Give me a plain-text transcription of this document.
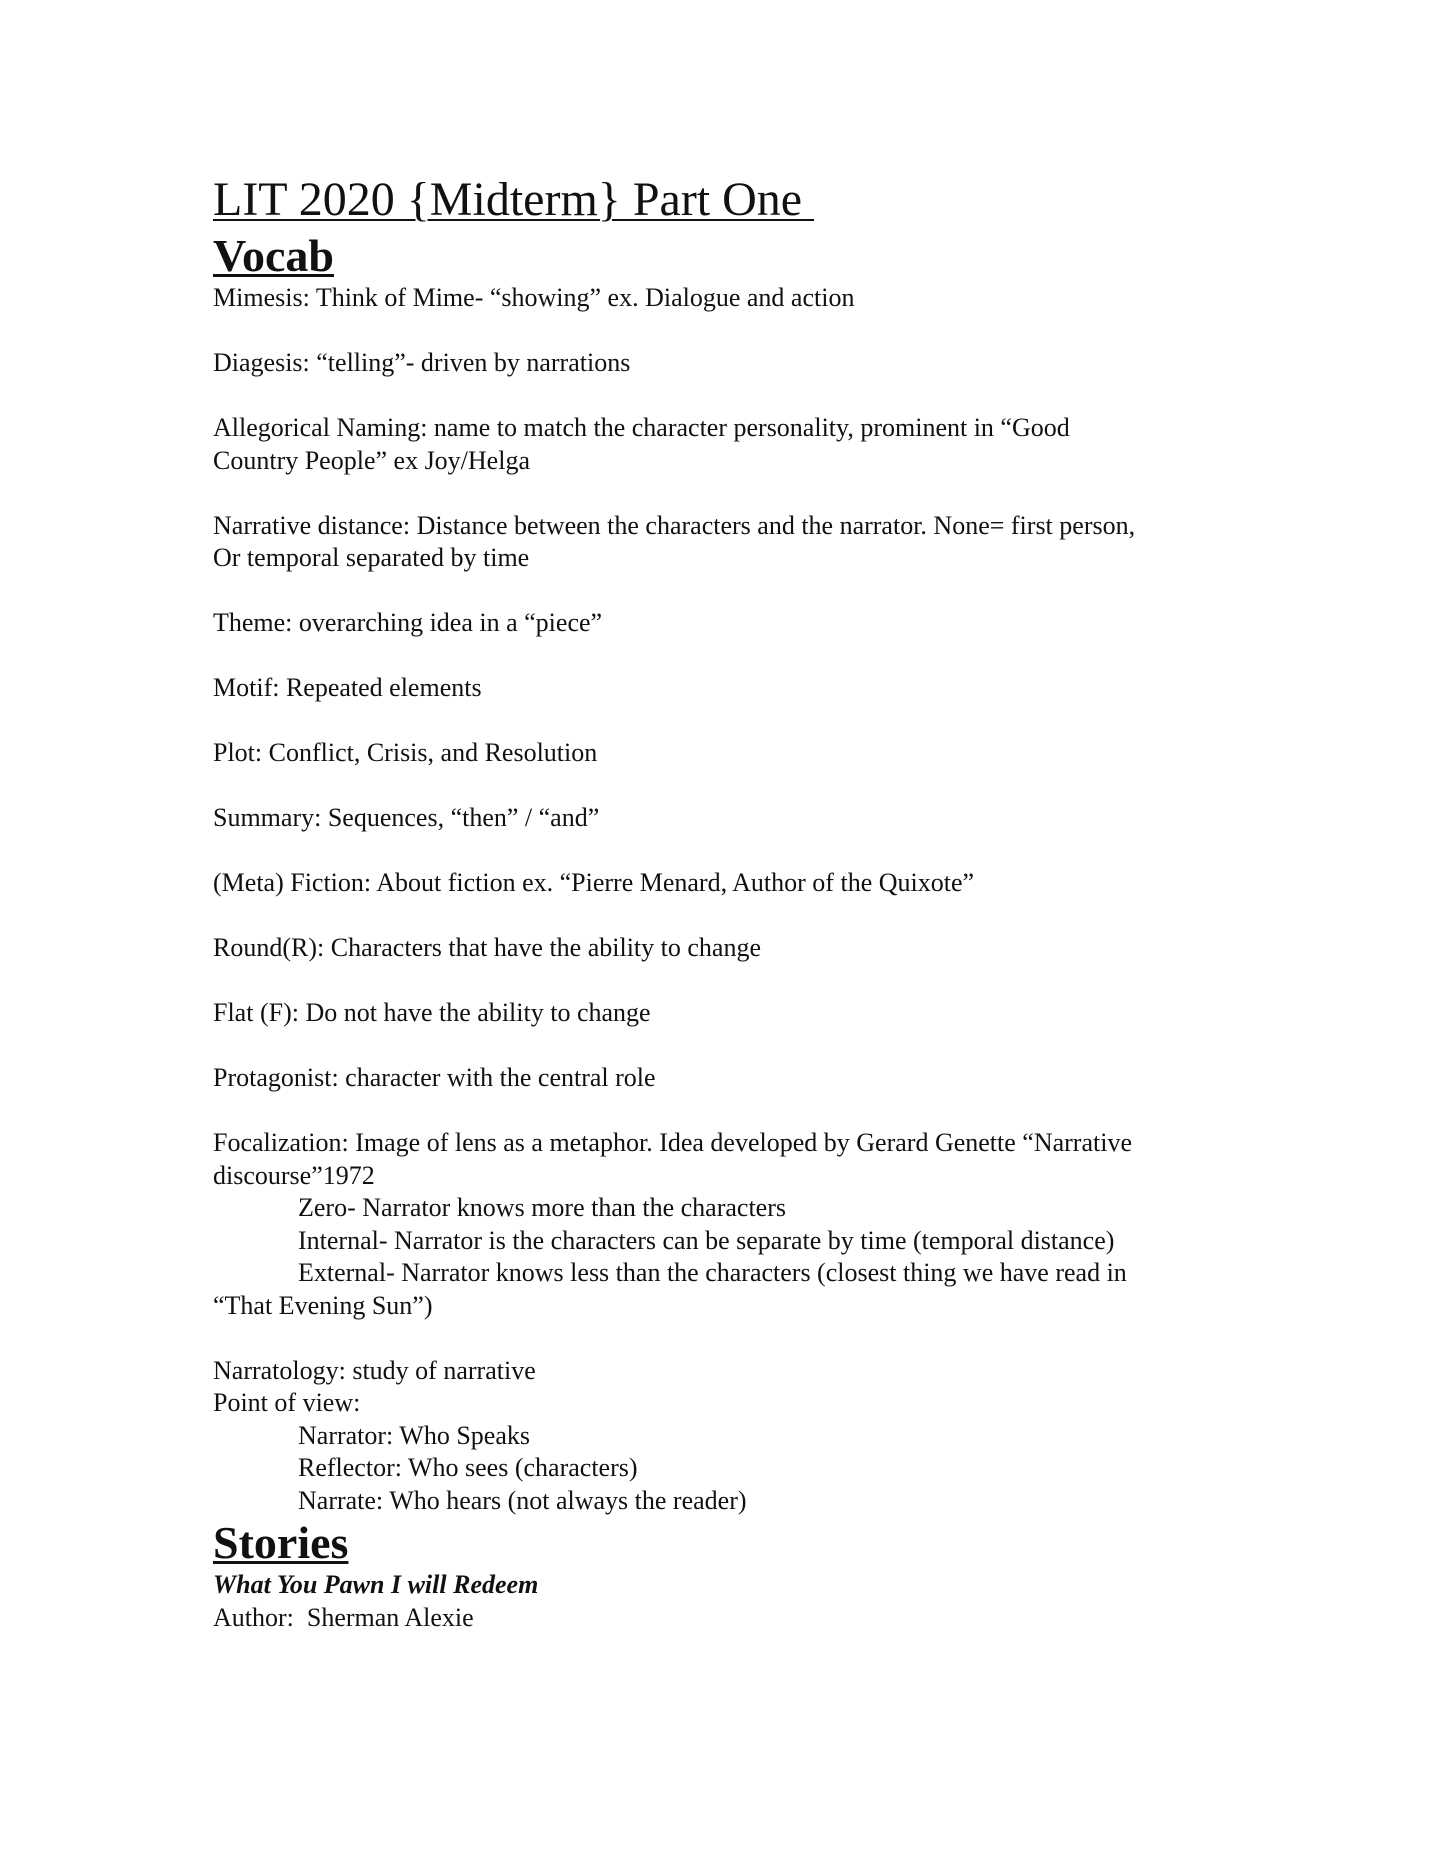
LIT 2020 {Midterm} Part One
Vocab
Mimesis: Think of Mime- “showing” ex. Dialogue and action
Diagesis: “telling”- driven by narrations
Allegorical Naming: name to match the character personality, prominent in “Good
Country People” ex Joy/Helga
Narrative distance: Distance between the characters and the narrator. None= first person,
Or temporal separated by time
Theme: overarching idea in a “piece”
Motif: Repeated elements
Plot: Conflict, Crisis, and Resolution
Summary: Sequences, “then” / “and”
(Meta) Fiction: About fiction ex. “Pierre Menard, Author of the Quixote”
Round(R): Characters that have the ability to change
Flat (F): Do not have the ability to change
Protagonist: character with the central role
Focalization: Image of lens as a metaphor. Idea developed by Gerard Genette “Narrative
discourse”1972
Zero- Narrator knows more than the characters
Internal- Narrator is the characters can be separate by time (temporal distance)
External- Narrator knows less than the characters (closest thing we have read in
“That Evening Sun”)
Narratology: study of narrative
Point of view:
Narrator: Who Speaks
Reflector: Who sees (characters)
Narrate: Who hears (not always the reader)
Stories
What You Pawn I will Redeem
Author:  Sherman Alexie
